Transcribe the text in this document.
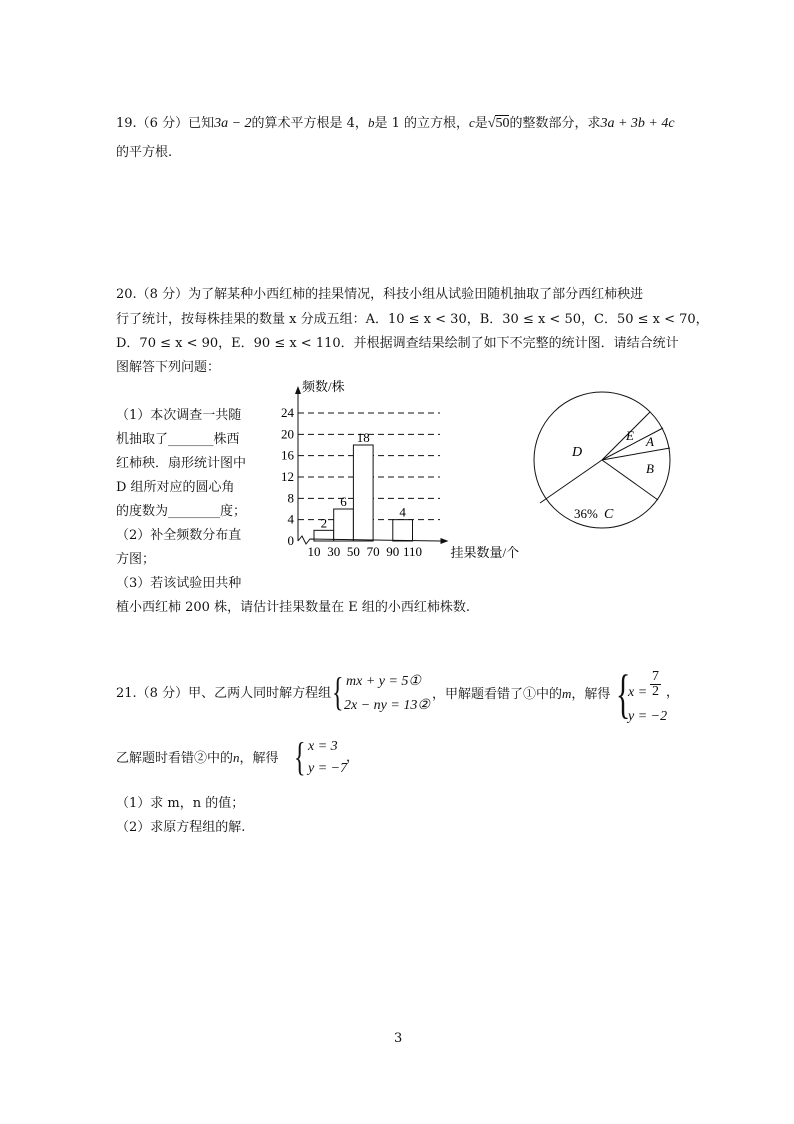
19.（6 分）已知3a − 2的算术平方根是 4，b是 1 的立方根，c是√50的整数部分，求3a + 3b + 4c
的平方根.
20.（8 分）为了解某种小西红柿的挂果情况，科技小组从试验田随机抽取了部分西红柿秧进
行了统计，按每株挂果的数量 x 分成五组：A．10 ≤ x < 30，B．30 ≤ x < 50，C．50 ≤ x < 70，
D．70 ≤ x < 90，E．90 ≤ x < 110．并根据调查结果绘制了如下不完整的统计图．请结合统计
图解答下列问题：
（1）本次调查一共随
机抽取了_______株西
红柿秧．扇形统计图中
D 组所对应的圆心角
的度数为________度；
（2）补全频数分布直
方图；
（3）若该试验田共种
植小西红柿 200 株，请估计挂果数量在 E 组的小西红柿株数.
0
4
8
12
16
20
24
2
6
18
4
10 30 50 70 90 110
频数/株
挂果数量/个
D
E A
B
36% C
21.（8 分）甲、乙两人同时解方程组 { mx + y = 5①
2x − ny = 13②
，甲解题看错了①中的m，解得 {
$x = \frac{7}{2}$ ，
y = −2
乙解题时看错②中的n，解得 { x = 3
y = −7
，
（1）求 m，n 的值；
（2）求原方程组的解.
3
